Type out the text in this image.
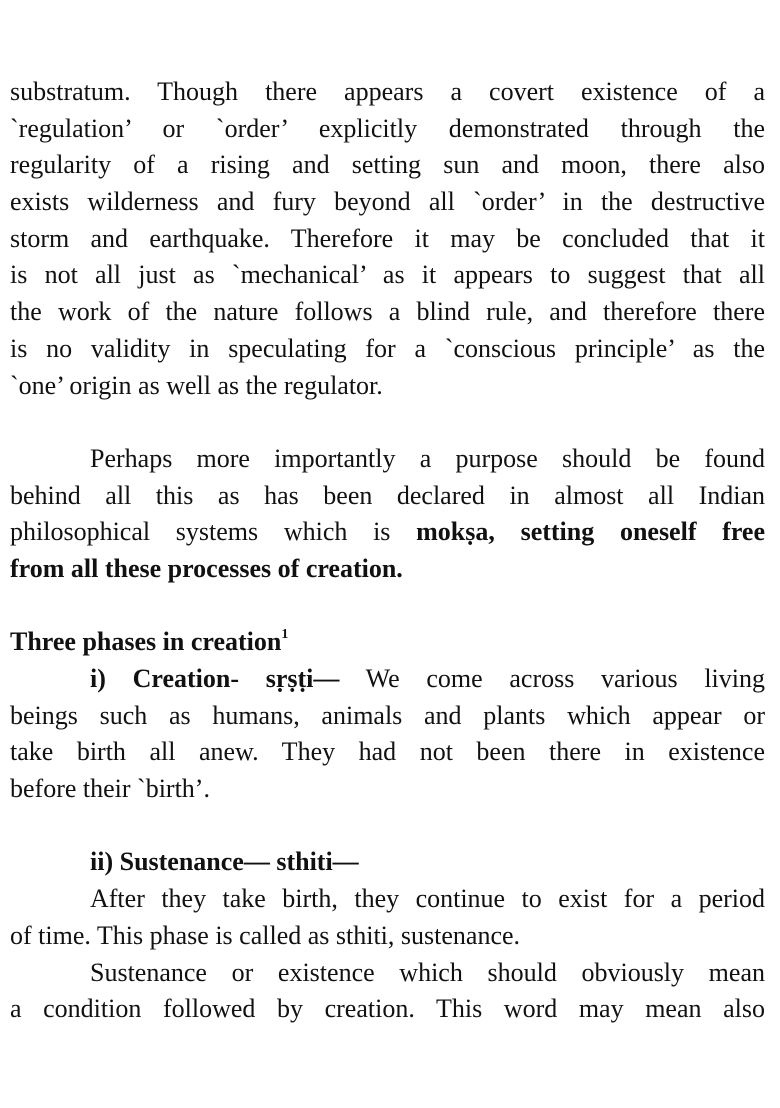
substratum. Though there appears a covert existence of a
`regulation’ or `order’ explicitly demonstrated through the
regularity of a rising and setting sun and moon, there also
exists wilderness and fury beyond all `order’ in the destructive
storm and earthquake. Therefore it may be concluded that it
is not all just as `mechanical’ as it appears to suggest that all
the work of the nature follows a blind rule, and therefore there
is no validity in speculating for a `conscious principle’ as the
`one’ origin as well as the regulator.
Perhaps more importantly a purpose should be found
behind all this as has been declared in almost all Indian
philosophical systems which is mokṣa, setting oneself free
from all these processes of creation.
Three phases in creation$^1$
i) Creation- sṛṣṭi— We come across various living
beings such as humans, animals and plants which appear or
take birth all anew. They had not been there in existence
before their `birth’.
ii) Sustenance— sthiti—
After they take birth, they continue to exist for a period
of time. This phase is called as sthiti, sustenance.
Sustenance or existence which should obviously mean
a condition followed by creation. This word may mean also
